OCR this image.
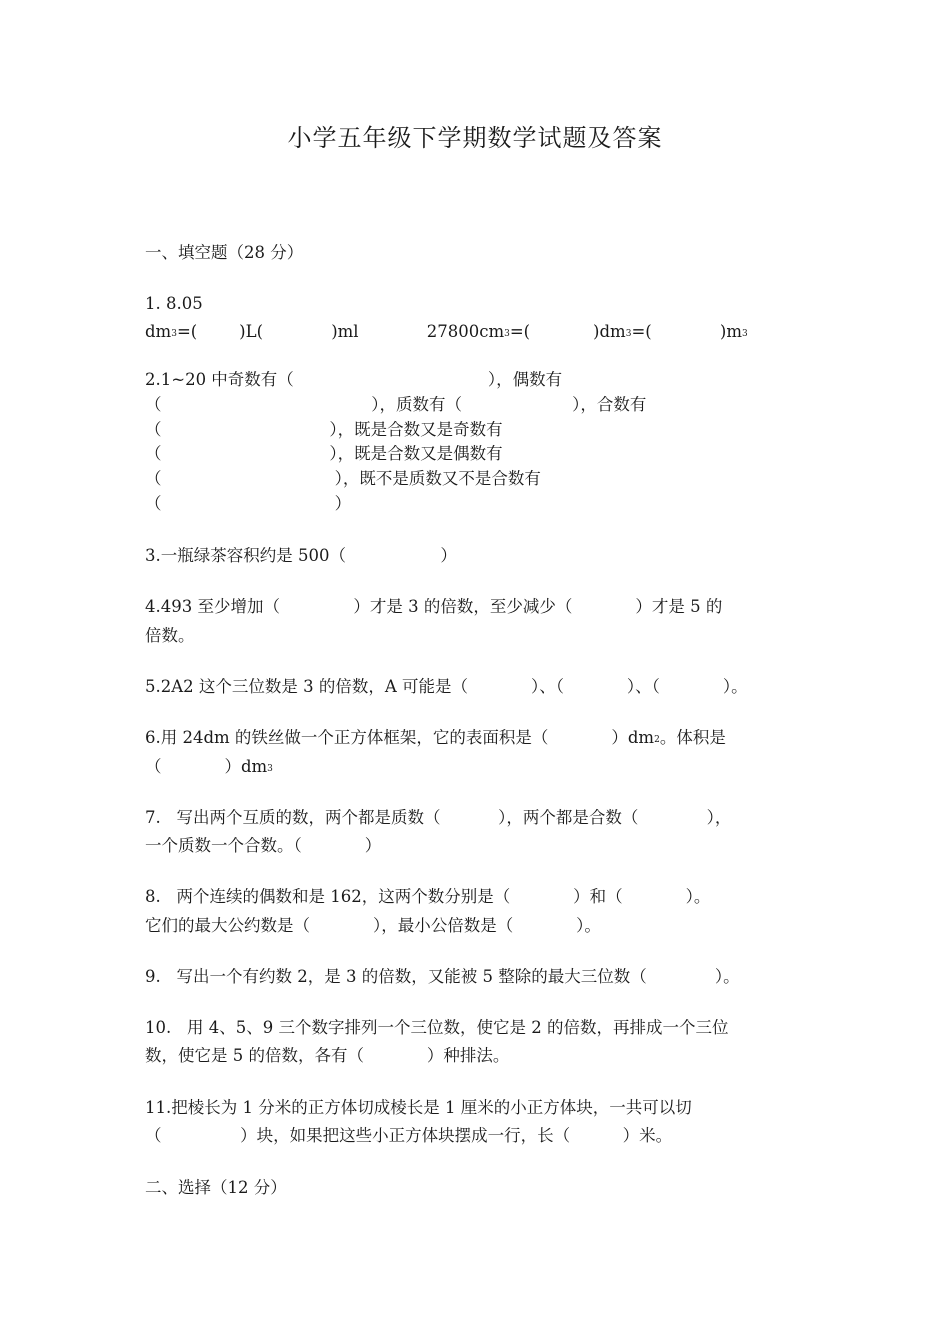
小学五年级下学期数学试题及答案
一、填空题（28 分）
1. 8.05
$dm^3=$(        )L(             )ml             $27800cm^3=$(            )$dm^3=$(             )$m^3$
2.1~20 中奇数有（                                     ），偶数有
（                                        ），质数有（                     ），合数有
（                                ），既是合数又是奇数有
（                                ），既是合数又是偶数有
（                                 ），既不是质数又不是合数有
（                                 ）
3.一瓶绿茶容积约是 500（                  ）
4.493 至少增加（              ）才是 3 的倍数，至少减少（            ）才是 5 的
倍数。
5.2A2 这个三位数是 3 的倍数，A 可能是（            ）、（            ）、（            ）。
6.用 24dm 的铁丝做一个正方体框架，它的表面积是（            ）$dm^2$。体积是
（            ）$dm^3$
7.   写出两个互质的数，两个都是质数（           ），两个都是合数（             ），
一个质数一个合数。（            ）
8.   两个连续的偶数和是 162，这两个数分别是（            ）和（            ）。
它们的最大公约数是（            ），最小公倍数是（            ）。
9.   写出一个有约数 2，是 3 的倍数，又能被 5 整除的最大三位数（             ）。
10.   用 4、5、9 三个数字排列一个三位数，使它是 2 的倍数，再排成一个三位
数，使它是 5 的倍数，各有（            ）种排法。
11.把棱长为 1 分米的正方体切成棱长是 1 厘米的小正方体块，一共可以切
（               ）块，如果把这些小正方体块摆成一行，长（          ）米。
二、选择（12 分）
